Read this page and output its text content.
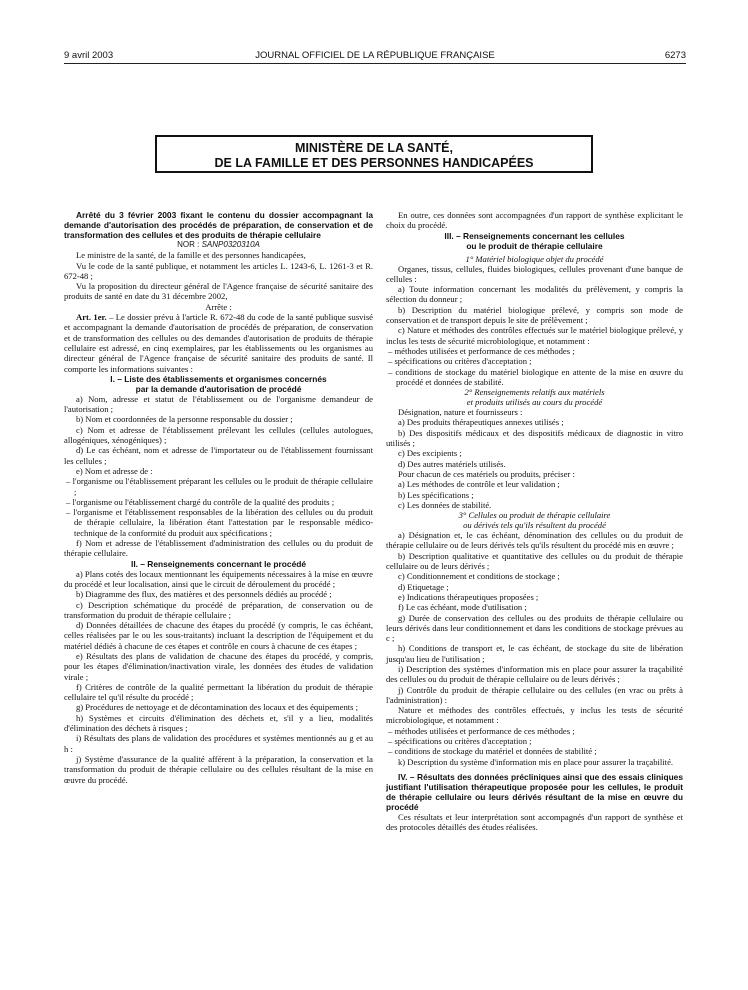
9 avril 2003	JOURNAL OFFICIEL DE LA RÉPUBLIQUE FRANÇAISE	6273
MINISTÈRE DE LA SANTÉ,
DE LA FAMILLE ET DES PERSONNES HANDICAPÉES

Arrêté du 3 février 2003 fixant le contenu du dossier accompagnant la demande d'autorisation des procédés de préparation, de conservation et de transformation des cellules et des produits de thérapie cellulaire

NOR : SANP0320310A

Le ministre de la santé, de la famille et des personnes handicapées,

Vu le code de la santé publique, et notamment les articles L. 1243-6, L. 1261-3 et R. 672-48 ;

Vu la proposition du directeur général de l'Agence française de sécurité sanitaire des produits de santé en date du 31 décembre 2002,

Arrête :

Art. 1er. – Le dossier prévu à l'article R. 672-48 du code de la santé publique susvisé et accompagnant la demande d'autorisation de procédés de préparation, de conservation et de transformation des cellules ou des demandes d'autorisation de produits de thérapie cellulaire est adressé, en cinq exemplaires, par les établissements ou les organismes au directeur général de l'Agence française de sécurité sanitaire des produits de santé. Il comporte les informations suivantes :

I. – Liste des établissements et organismes concernés
par la demande d'autorisation de procédé

a) Nom, adresse et statut de l'établissement ou de l'organisme demandeur de l'autorisation ;

b) Nom et coordonnées de la personne responsable du dossier ;

c) Nom et adresse de l'établissement prélevant les cellules (cellules autologues, allogéniques, xénogéniques) ;

d) Le cas échéant, nom et adresse de l'importateur ou de l'établissement fournissant les cellules ;

e) Nom et adresse de :

– l'organisme ou l'établissement préparant les cellules ou le produit de thérapie cellulaire ;

– l'organisme ou l'établissement chargé du contrôle de la qualité des produits ;

– l'organisme et l'établissement responsables de la libération des cellules ou du produit de thérapie cellulaire, la libération étant l'attestation par le responsable médico-technique de la conformité du produit aux spécifications ;

f) Nom et adresse de l'établissement d'administration des cellules ou du produit de thérapie cellulaire.

II. – Renseignements concernant le procédé

a) Plans cotés des locaux mentionnant les équipements nécessaires à la mise en œuvre du procédé et leur localisation, ainsi que le circuit de déroulement du procédé ;

b) Diagramme des flux, des matières et des personnels dédiés au procédé ;

c) Description schématique du procédé de préparation, de conservation ou de transformation du produit de thérapie cellulaire ;

d) Données détaillées de chacune des étapes du procédé (y compris, le cas échéant, celles réalisées par le ou les sous-traitants) incluant la description de l'équipement et du matériel dédiés à chacune de ces étapes et contrôle en cours à chacune de ces étapes ;

e) Résultats des plans de validation de chacune des étapes du procédé, y compris, pour les étapes d'élimination/inactivation virale, les données des études de validation virale ;

f) Critères de contrôle de la qualité permettant la libération du produit de thérapie cellulaire tel qu'il résulte du procédé ;

g) Procédures de nettoyage et de décontamination des locaux et des équipements ;

h) Systèmes et circuits d'élimination des déchets et, s'il y a lieu, modalités d'élimination des déchets à risques ;

i) Résultats des plans de validation des procédures et systèmes mentionnés au g et au h :

j) Système d'assurance de la qualité afférent à la préparation, la conservation et la transformation du produit de thérapie cellulaire ou des cellules résultant de la mise en œuvre du procédé.

En outre, ces données sont accompagnées d'un rapport de synthèse explicitant le choix du procédé.

III. – Renseignements concernant les cellules
ou le produit de thérapie cellulaire

1° Matériel biologique objet du procédé

Organes, tissus, cellules, fluides biologiques, cellules provenant d'une banque de cellules :

a) Toute information concernant les modalités du prélèvement, y compris la sélection du donneur ;

b) Description du matériel biologique prélevé, y compris son mode de conservation et de transport depuis le site de prélèvement ;

c) Nature et méthodes des contrôles effectués sur le matériel biologique prélevé, y inclus les tests de sécurité microbiologique, et notamment :

– méthodes utilisées et performance de ces méthodes ;

– spécifications ou critères d'acceptation ;

– conditions de stockage du matériel biologique en attente de la mise en œuvre du procédé et données de stabilité.

2° Renseignements relatifs aux matériels
et produits utilisés au cours du procédé

Désignation, nature et fournisseurs :

a) Des produits thérapeutiques annexes utilisés ;

b) Des dispositifs médicaux et des dispositifs médicaux de diagnostic in vitro utilisés ;

c) Des excipients ;

d) Des autres matériels utilisés.

Pour chacun de ces matériels ou produits, préciser :

a) Les méthodes de contrôle et leur validation ;

b) Les spécifications ;

c) Les données de stabilité.

3° Cellules ou produit de thérapie cellulaire
ou dérivés tels qu'ils résultent du procédé

a) Désignation et, le cas échéant, dénomination des cellules ou du produit de thérapie cellulaire ou de leurs dérivés tels qu'ils résultent du procédé mis en œuvre ;

b) Description qualitative et quantitative des cellules ou du produit de thérapie cellulaire ou de leurs dérivés ;

c) Conditionnement et conditions de stockage ;

d) Etiquetage ;

e) Indications thérapeutiques proposées ;

f) Le cas échéant, mode d'utilisation ;

g) Durée de conservation des cellules ou des produits de thérapie cellulaire ou leurs dérivés dans leur conditionnement et dans les conditions de stockage prévues au c ;

h) Conditions de transport et, le cas échéant, de stockage du site de libération jusqu'au lieu de l'utilisation ;

i) Description des systèmes d'information mis en place pour assurer la traçabilité des cellules ou du produit de thérapie cellulaire ou de leurs dérivés ;

j) Contrôle du produit de thérapie cellulaire ou des cellules (en vrac ou prêts à l'administration) :

Nature et méthodes des contrôles effectués, y inclus les tests de sécurité microbiologique, et notamment :

– méthodes utilisées et performance de ces méthodes ;

– spécifications ou critères d'acceptation ;

– conditions de stockage du matériel et données de stabilité ;

k) Description du système d'information mis en place pour assurer la traçabilité.

IV. – Résultats des données précliniques ainsi que des essais cliniques justifiant l'utilisation thérapeutique proposée pour les cellules, le produit de thérapie cellulaire ou leurs dérivés résultant de la mise en œuvre du procédé

Ces résultats et leur interprétation sont accompagnés d'un rapport de synthèse et des protocoles détaillés des études réalisées.
